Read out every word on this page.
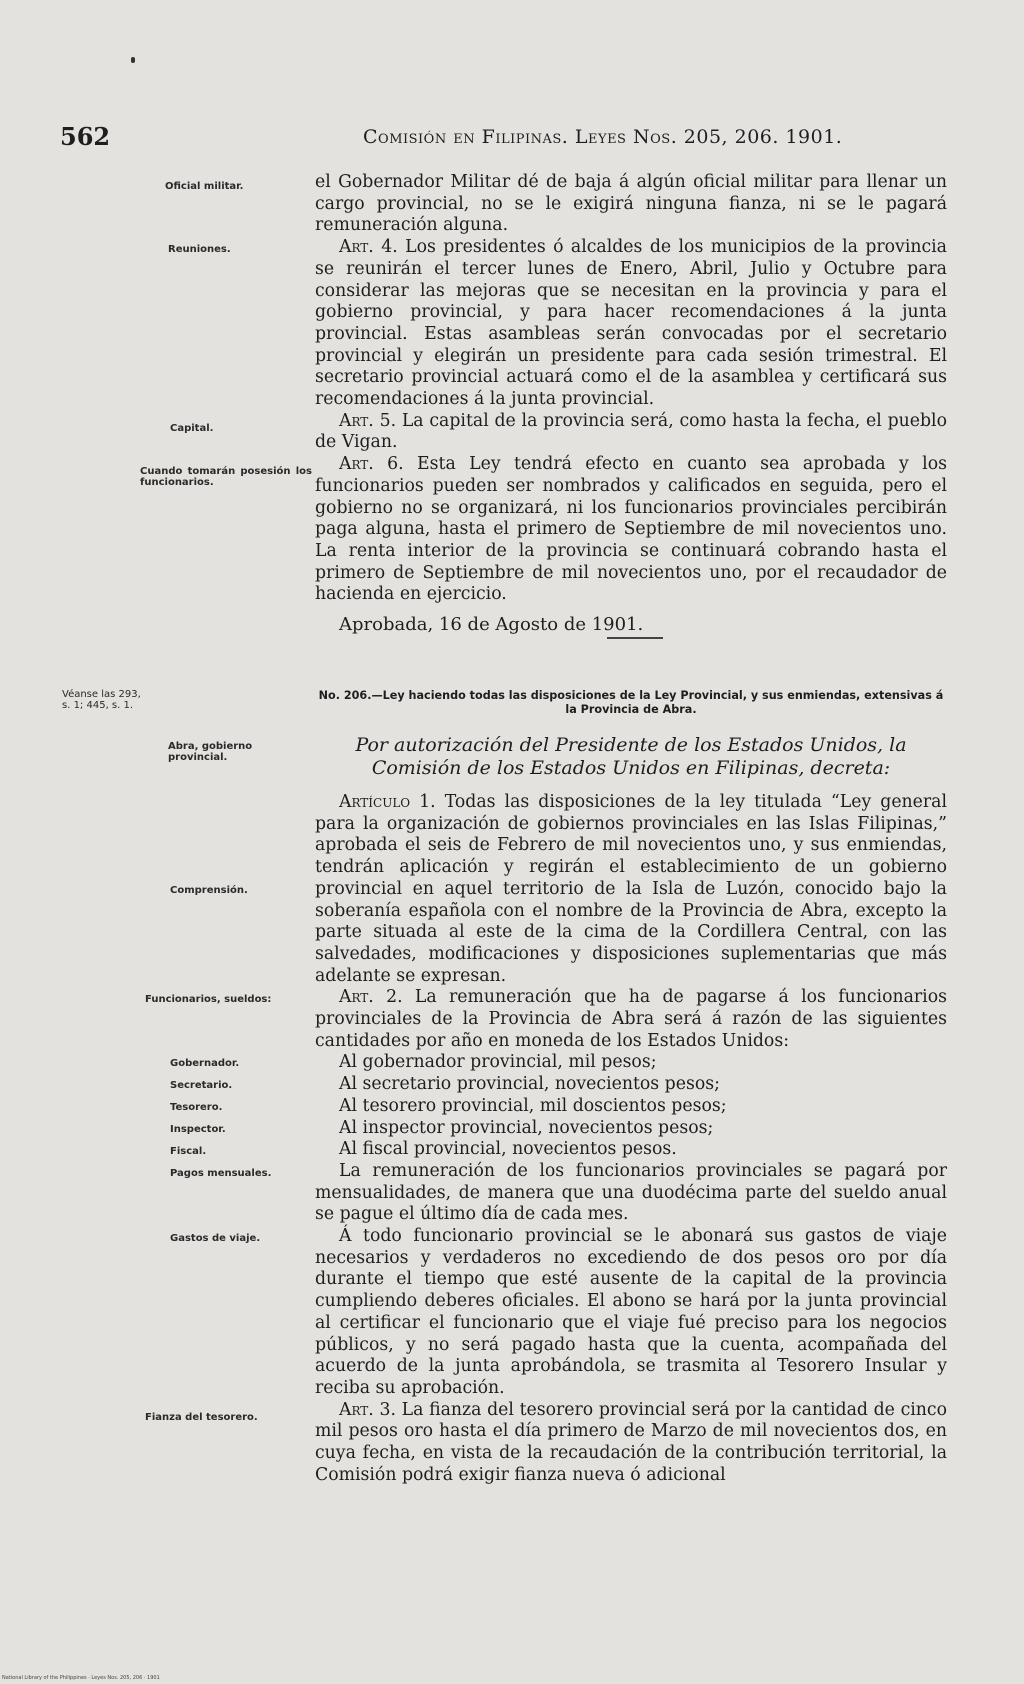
562	Comisión en Filipinas. Leyes Nos. 205, 206. 1901.
Oficial militar.
Reuniones.
Capital.
Cuando tomarán posesión los funcionarios.
Véanse las 293, s. 1; 445, s. 1.
Abra, gobierno provincial.
Comprensión.
Funcionarios, sueldos:
Gobernador.
Secretario.
Tesorero.
Inspector.
Fiscal.
Pagos mensuales.
Gastos de viaje.
Fianza del tesorero.

el Gobernador Militar dé de baja á algún oficial militar para llenar un cargo provincial, no se le exigirá ninguna fianza, ni se le pagará remuneración alguna.

Art. 4. Los presidentes ó alcaldes de los municipios de la provincia se reunirán el tercer lunes de Enero, Abril, Julio y Octubre para considerar las mejoras que se necesitan en la provincia y para el gobierno provincial, y para hacer recomendaciones á la junta provincial. Estas asambleas serán convocadas por el secretario provincial y elegirán un presidente para cada sesión trimestral. El secretario provincial actuará como el de la asamblea y certificará sus recomendaciones á la junta provincial.

Art. 5. La capital de la provincia será, como hasta la fecha, el pueblo de Vigan.

Art. 6. Esta Ley tendrá efecto en cuanto sea aprobada y los funcionarios pueden ser nombrados y calificados en seguida, pero el gobierno no se organizará, ni los funcionarios provinciales percibirán paga alguna, hasta el primero de Septiembre de mil novecientos uno. La renta interior de la provincia se continuará cobrando hasta el primero de Septiembre de mil novecientos uno, por el recaudador de hacienda en ejercicio.

Aprobada, 16 de Agosto de 1901.

No. 206.—Ley haciendo todas las disposiciones de la Ley Provincial, y sus enmiendas, extensivas á la Provincia de Abra.
Por autorización del Presidente de los Estados Unidos, la Comisión de los Estados Unidos en Filipinas, decreta:

Artículo 1. Todas las disposiciones de la ley titulada “Ley general para la organización de gobiernos provinciales en las Islas Filipinas,” aprobada el seis de Febrero de mil novecientos uno, y sus enmiendas, tendrán aplicación y regirán el establecimiento de un gobierno provincial en aquel territorio de la Isla de Luzón, conocido bajo la soberanía española con el nombre de la Provincia de Abra, excepto la parte situada al este de la cima de la Cordillera Central, con las salvedades, modificaciones y disposiciones suplementarias que más adelante se expresan.

Art. 2. La remuneración que ha de pagarse á los funcionarios provinciales de la Provincia de Abra será á razón de las siguientes cantidades por año en moneda de los Estados Unidos:

Al gobernador provincial, mil pesos;

Al secretario provincial, novecientos pesos;

Al tesorero provincial, mil doscientos pesos;

Al inspector provincial, novecientos pesos;

Al fiscal provincial, novecientos pesos.

La remuneración de los funcionarios provinciales se pagará por mensualidades, de manera que una duodécima parte del sueldo anual se pague el último día de cada mes.

Á todo funcionario provincial se le abonará sus gastos de viaje necesarios y verdaderos no excediendo de dos pesos oro por día durante el tiempo que esté ausente de la capital de la provincia cumpliendo deberes oficiales. El abono se hará por la junta provincial al certificar el funcionario que el viaje fué preciso para los negocios públicos, y no será pagado hasta que la cuenta, acompañada del acuerdo de la junta aprobándola, se trasmita al Tesorero Insular y reciba su aprobación.

Art. 3. La fianza del tesorero provincial será por la cantidad de cinco mil pesos oro hasta el día primero de Marzo de mil novecientos dos, en cuya fecha, en vista de la recaudación de la contribución territorial, la Comisión podrá exigir fianza nueva ó adicional

National Library of the Philippines · Leyes Nos. 205, 206 · 1901
